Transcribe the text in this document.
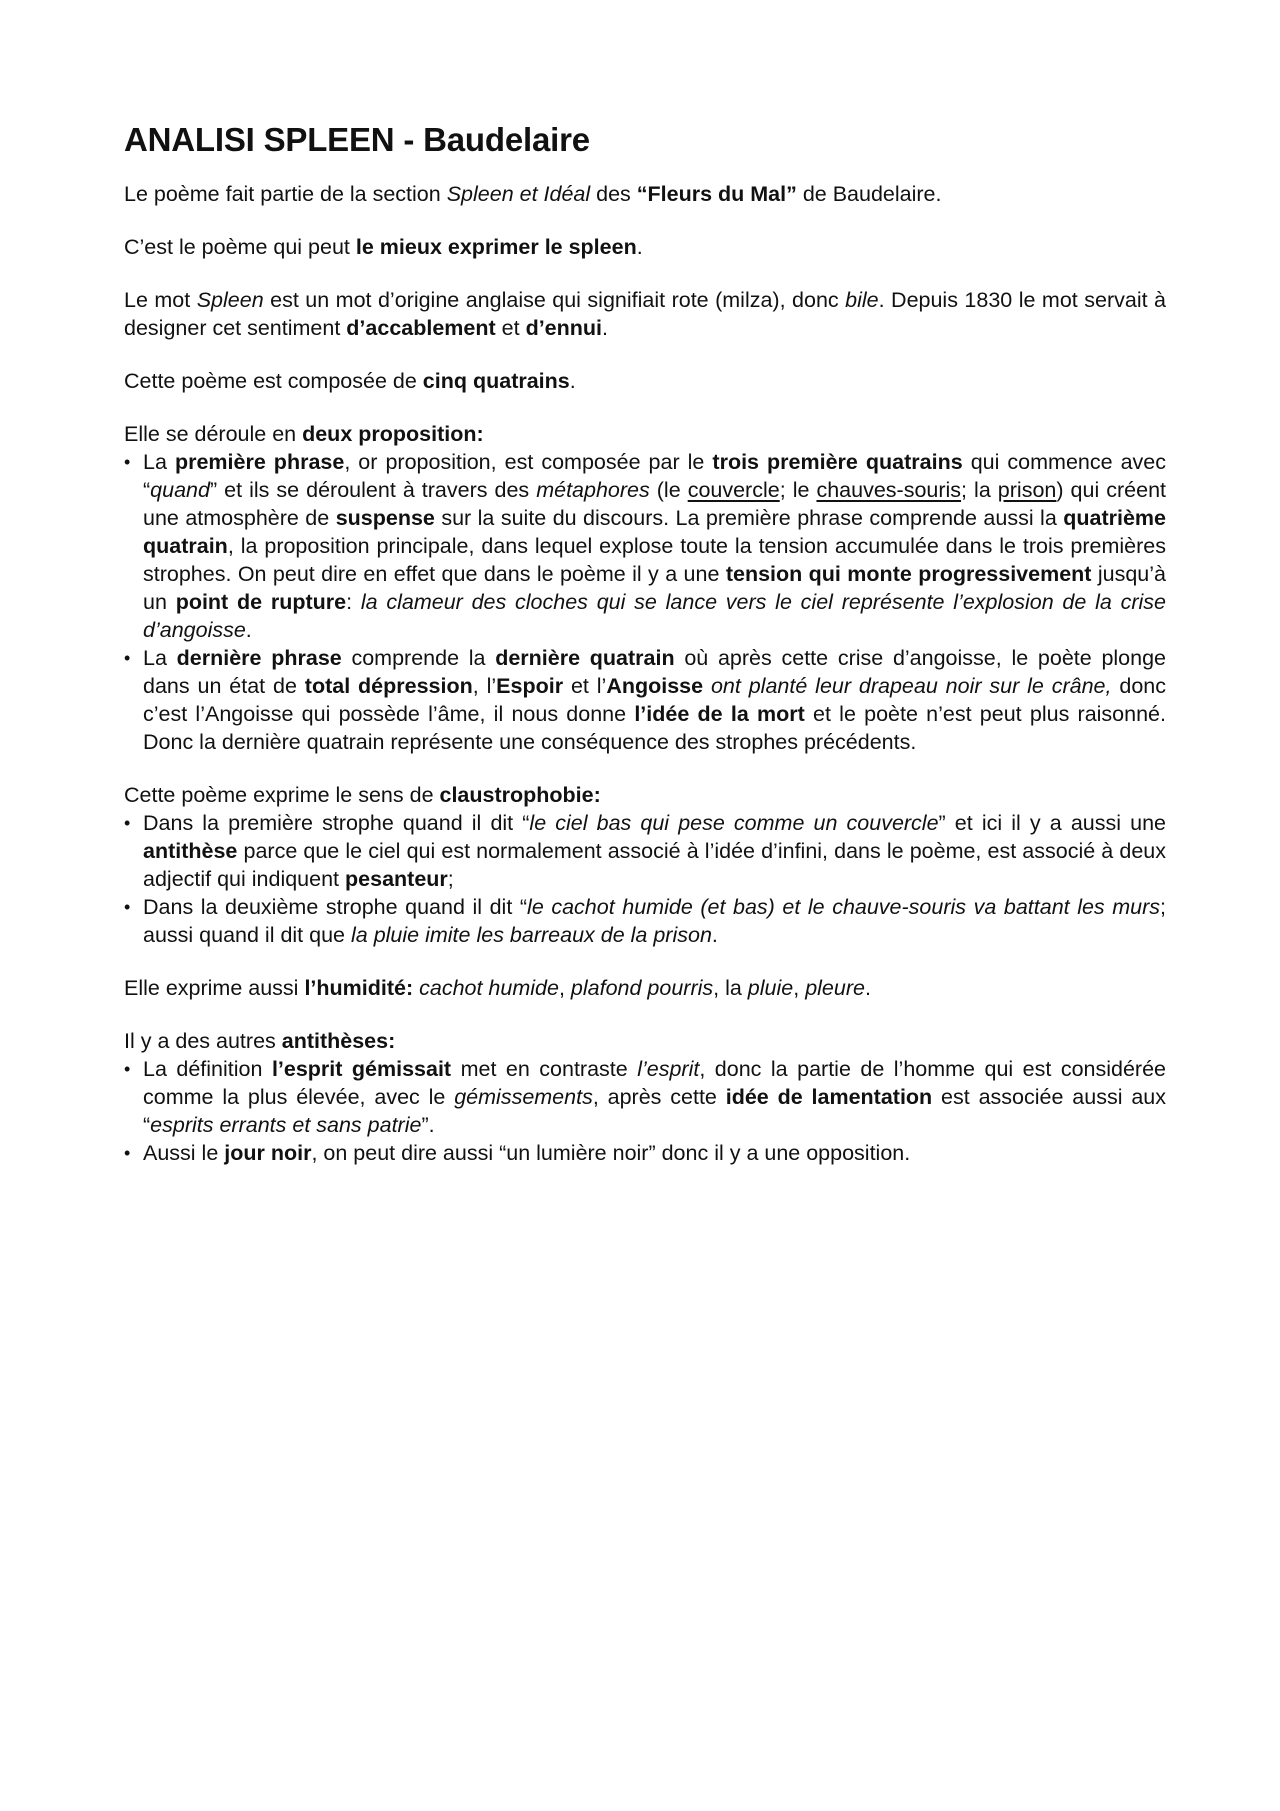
ANALISI SPLEEN - Baudelaire

Le poème fait partie de la section Spleen et Idéal des “Fleurs du Mal” de Baudelaire.

C’est le poème qui peut le mieux exprimer le spleen.

Le mot Spleen est un mot d’origine anglaise qui signifiait rote (milza), donc bile. Depuis 1830 le mot servait à designer cet sentiment d’accablement et d’ennui.

Cette poème est composée de cinq quatrains.

Elle se déroule en deux proposition:

• La première phrase, or proposition, est composée par le trois première quatrains qui commence avec “quand” et ils se déroulent à travers des métaphores (le couvercle; le chauves-souris; la prison) qui créent une atmosphère de suspense sur la suite du discours. La première phrase comprende aussi la quatrième quatrain, la proposition principale, dans lequel explose toute la tension accumulée dans le trois premières strophes. On peut dire en effet que dans le poème il y a une tension qui monte progressivement jusqu’à un point de rupture: la clameur des cloches qui se lance vers le ciel représente l’explosion de la crise d’angoisse.
• La dernière phrase comprende la dernière quatrain où après cette crise d’angoisse, le poète plonge dans un état de total dépression, l’Espoir et l’Angoisse ont planté leur drapeau noir sur le crâne, donc c’est l’Angoisse qui possède l’âme, il nous donne l’idée de la mort et le poète n’est peut plus raisonné. Donc la dernière quatrain représente une conséquence des strophes précédents.

Cette poème exprime le sens de claustrophobie:

• Dans la première strophe quand il dit “le ciel bas qui pese comme un couvercle” et ici il y a aussi une antithèse parce que le ciel qui est normalement associé à l’idée d’infini, dans le poème, est associé à deux adjectif qui indiquent pesanteur;
• Dans la deuxième strophe quand il dit “le cachot humide (et bas) et le chauve-souris va battant les murs; aussi quand il dit que la pluie imite les barreaux de la prison.

Elle exprime aussi l’humidité: cachot humide, plafond pourris, la pluie, pleure.

Il y a des autres antithèses:

• La définition l’esprit gémissait met en contraste l’esprit, donc la partie de l’homme qui est considérée comme la plus élevée, avec le gémissements, après cette idée de lamentation est associée aussi aux “esprits errants et sans patrie”.
• Aussi le jour noir, on peut dire aussi “un lumière noir” donc il y a une opposition.
